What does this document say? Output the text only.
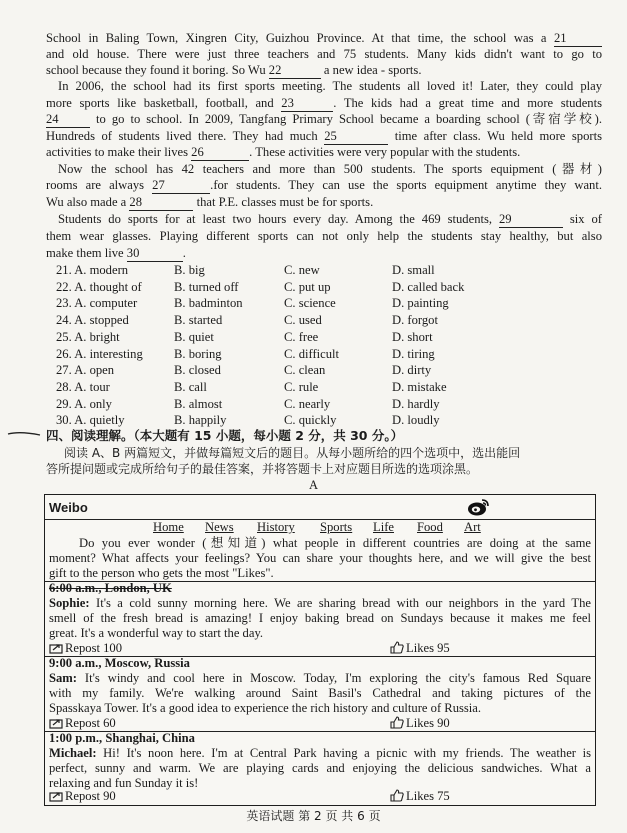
School in Baling Town, Xingren City, Guizhou Province. At that time, the school was a 21
and old house. There were just three teachers and 75 students. Many kids didn't want to go to
school because they found it boring. So Wu 22	a new idea - sports.
In 2006, the school had its first sports meeting. The students all loved it! Later, they could play
more sports like basketball, football, and 23	. The kids had a great time and more students
24 to go to school. In 2009, Tangfang Primary School became a boarding school (寄宿学校).
Hundreds of students lived there. They had much 25	time after class. Wu held more sports
activities to make their lives 26	. These activities were very popular with the students.
Now the school has 42 teachers and more than 500 students. The sports equipment (器材)
rooms are always 27	.for students. They can use the sports equipment anytime they want.
Wu also made a 28	that P.E. classes must be for sports.
Students do sports for at least two hours every day. Among the 469 students, 29	six of
them wear glasses. Playing different sports can not only help the students stay healthy, but also
make them live 30	.
21. A. modern	B. big	C. new	D. small
22. A. thought of	B. turned off	C. put up	D. called back
23. A. computer	B. badminton	C. science	D. painting
24. A. stopped	B. started	C. used	D. forgot
25. A. bright	B. quiet	C. free	D. short
26. A. interesting B. boring	C. difficult	D. tiring
27. A. open	B. closed	C. clean	D. dirty
28. A. tour	B. call	C. rule	D. mistake
29. A. only	B. almost	C. nearly	D. hardly
30. A. quietly	B. happily	C. quickly	D. loudly
四、阅读理解。（本大题有 15 小题，每小题 2 分，共 30 分。）
阅读 A、B 两篇短文，并做每篇短文后的题目。从每小题所给的四个选项中，选出能回
答所提问题或完成所给句子的最佳答案，并将答题卡上对应题目所选的选项涂黑。
A
Weibo
Home News History Sports Life Food Art
Do you ever wonder (想知道) what people in different countries are doing at the same
moment? What affects your feelings? You can share your thoughts here, and we will give the best
gift to the person who gets the most "Likes".
6:00 a.m., London, UK
Sophie: It's a cold sunny morning here. We are sharing bread with our neighbors in the yard The
smell of the fresh bread is amazing! I enjoy baking bread on Sundays because it makes me feel
great. It's a wonderful way to start the day.
Repost 100	Likes 95
9:00 a.m., Moscow, Russia
Sam: It's windy and cool here in Moscow. Today, I'm exploring the city's famous Red Square
with my family. We're walking around Saint Basil's Cathedral and taking pictures of the
Spasskaya Tower. It's a good idea to experience the rich history and culture of Russia.
Repost 60	Likes 90
1:00 p.m., Shanghai, China
Michael: Hi! It's noon here. I'm at Central Park having a picnic with my friends. The weather is
perfect, sunny and warm. We are playing cards and enjoying the delicious sandwiches. What a
relaxing and fun Sunday it is!
Repost 90	Likes 75
英语试题 第 2 页 共 6 页
